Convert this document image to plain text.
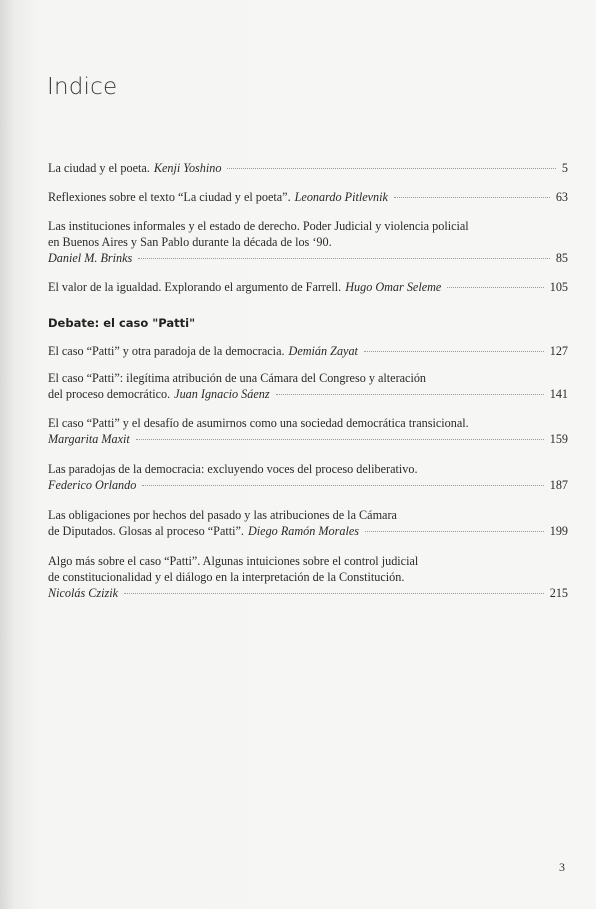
Indice
La ciudad y el poeta. Kenji Yoshino	5
Reflexiones sobre el texto “La ciudad y el poeta”. Leonardo Pitlevnik	63
Las instituciones informales y el estado de derecho. Poder Judicial y violencia policial
en Buenos Aires y San Pablo durante la década de los ‘90.
Daniel M. Brinks	85
El valor de la igualdad. Explorando el argumento de Farrell. Hugo Omar Seleme	105
Debate: el caso "Patti"
El caso “Patti” y otra paradoja de la democracia. Demián Zayat	127
El caso “Patti”: ilegítima atribución de una Cámara del Congreso y alteración
del proceso democrático. Juan Ignacio Sáenz	141
El caso “Patti” y el desafío de asumirnos como una sociedad democrática transicional.
Margarita Maxit	159
Las paradojas de la democracia: excluyendo voces del proceso deliberativo.
Federico Orlando	187
Las obligaciones por hechos del pasado y las atribuciones de la Cámara
de Diputados. Glosas al proceso “Patti”. Diego Ramón Morales	199
Algo más sobre el caso “Patti”. Algunas intuiciones sobre el control judicial
de constitucionalidad y el diálogo en la interpretación de la Constitución.
Nicolás Czizik	215
3
